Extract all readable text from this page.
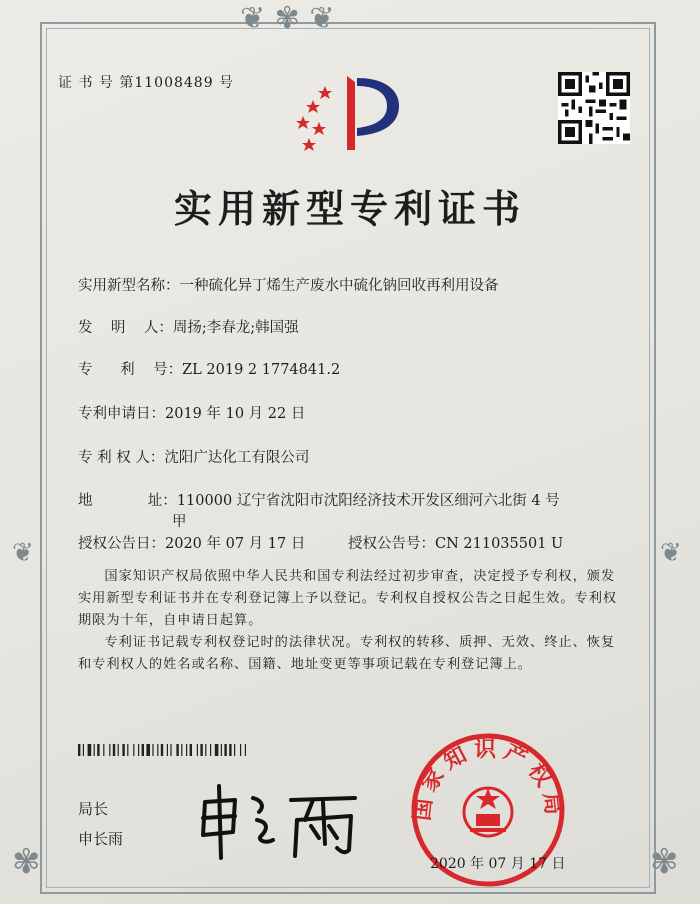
❦ ✾ ❦
❦	❦
✾	✾
证 书 号 第11008489 号
实用新型专利证书
实用新型名称：一种硫化异丁烯生产废水中硫化钠回收再利用设备
发    明    人：周扬;李春龙;韩国强
专      利    号：ZL 2019 2 1774841.2
专利申请日：2019 年 10 月 22 日
专 利 权 人：沈阳广达化工有限公司
地            址：110000 辽宁省沈阳市沈阳经济技术开发区细河六北街 4 号
甲
授权公告日：2020 年 07 月 17 日	授权公告号：CN 211035501 U
国家知识产权局依照中华人民共和国专利法经过初步审查，决定授予专利权，颁发实用新型专利证书并在专利登记簿上予以登记。专利权自授权公告之日起生效。专利权期限为十年，自申请日起算。
专利证书记载专利权登记时的法律状况。专利权的转移、质押、无效、终止、恢复和专利权人的姓名或名称、国籍、地址变更等事项记载在专利登记簿上。
局长
申长雨
国家知识产权局
2020 年 07 月 17 日
